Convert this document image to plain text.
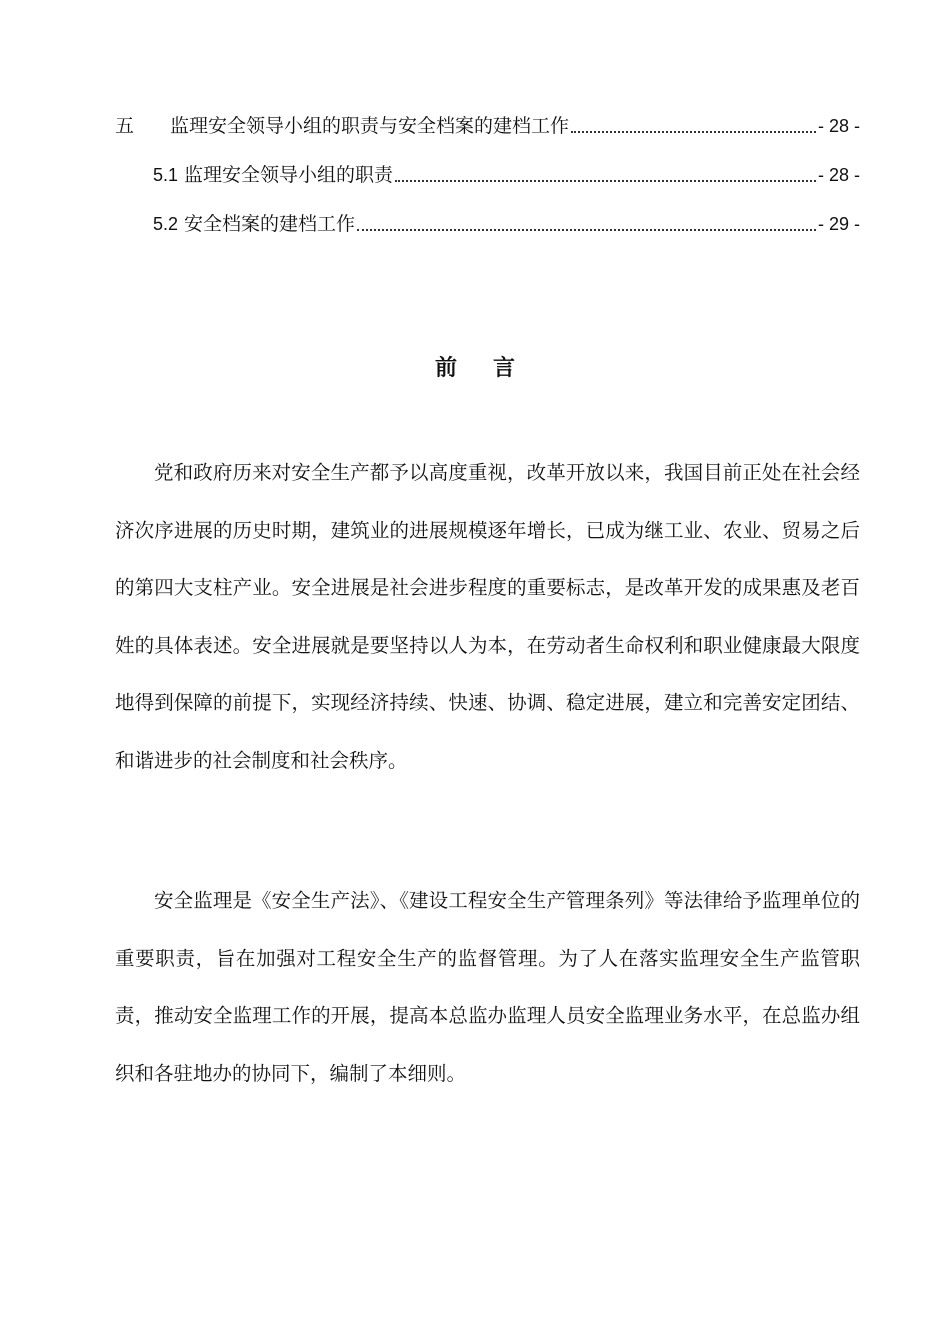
五	监理安全领导小组的职责与安全档案的建档工作	- 28 -
5.1 监理安全领导小组的职责	- 28 -
5.2 安全档案的建档工作	- 29 -
前言

党和政府历来对安全生产都予以高度重视，改革开放以来，我国目前正处在社会经济次序进展的历史时期，建筑业的进展规模逐年增长，已成为继工业、农业、贸易之后的第四大支柱产业。安全进展是社会进步程度的重要标志，是改革开发的成果惠及老百姓的具体表述。安全进展就是要坚持以人为本，在劳动者生命权利和职业健康最大限度地得到保障的前提下，实现经济持续、快速、协调、稳定进展，建立和完善安定团结、和谐进步的社会制度和社会秩序。

安全监理是《安全生产法》、《建设工程安全生产管理条列》等法律给予监理单位的重要职责，旨在加强对工程安全生产的监督管理。为了人在落实监理安全生产监管职责，推动安全监理工作的开展，提高本总监办监理人员安全监理业务水平，在总监办组织和各驻地办的协同下，编制了本细则。
